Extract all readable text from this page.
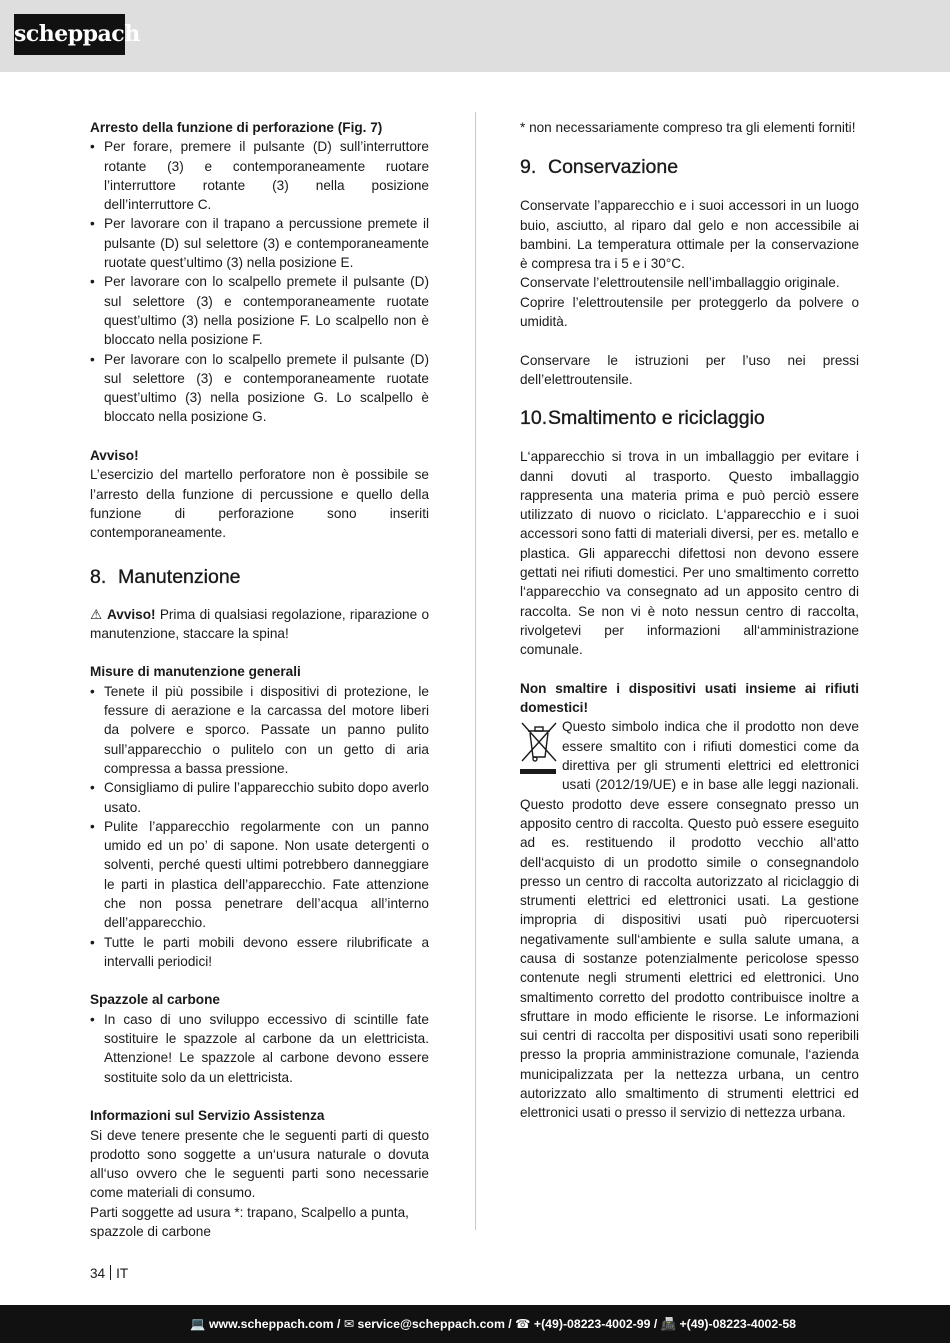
scheppach

Arresto della funzione di perforazione (Fig. 7)

• Per forare, premere il pulsante (D) sull’interruttore rotante (3) e contemporaneamente ruotare l’interruttore rotante (3) nella posizione dell’interruttore C.
• Per lavorare con il trapano a percussione premete il pulsante (D) sul selettore (3) e contemporaneamente ruotate quest’ultimo (3) nella posizione E.
• Per lavorare con lo scalpello premete il pulsante (D) sul selettore (3) e contemporaneamente ruotate quest’ultimo (3) nella posizione F. Lo scalpello non è bloccato nella posizione F.
• Per lavorare con lo scalpello premete il pulsante (D) sul selettore (3) e contemporaneamente ruotate quest’ultimo (3) nella posizione G. Lo scalpello è bloccato nella posizione G.

Avviso!

L’esercizio del martello perforatore non è possibile se l’arresto della funzione di percussione e quello della funzione di perforazione sono inseriti contemporaneamente.

8. Manutenzione

⚠ Avviso! Prima di qualsiasi regolazione, riparazione o manutenzione, staccare la spina!

Misure di manutenzione generali

• Tenete il più possibile i dispositivi di protezione, le fessure di aerazione e la carcassa del motore liberi da polvere e sporco. Passate un panno pulito sull’apparecchio o pulitelo con un getto di aria compressa a bassa pressione.
• Consigliamo di pulire l’apparecchio subito dopo averlo usato.
• Pulite l’apparecchio regolarmente con un panno umido ed un po’ di sapone. Non usate detergenti o solventi, perché questi ultimi potrebbero danneggiare le parti in plastica dell’apparecchio. Fate attenzione che non possa penetrare dell’acqua all’interno dell’apparecchio.
• Tutte le parti mobili devono essere rilubrificate a intervalli periodici!

Spazzole al carbone

• In caso di uno sviluppo eccessivo di scintille fate sostituire le spazzole al carbone da un elettricista. Attenzione! Le spazzole al carbone devono essere sostituite solo da un elettricista.

Informazioni sul Servizio Assistenza

Si deve tenere presente che le seguenti parti di questo prodotto sono soggette a un‘usura naturale o dovuta all‘uso ovvero che le seguenti parti sono necessarie come materiali di consumo.

Parti soggette ad usura *: trapano, Scalpello a punta, spazzole di carbone

* non necessariamente compreso tra gli elementi forniti!

9. Conservazione

Conservate l’apparecchio e i suoi accessori in un luogo buio, asciutto, al riparo dal gelo e non accessibile ai bambini. La temperatura ottimale per la conservazione è compresa tra i 5 e i 30°C.

Conservate l’elettroutensile nell’imballaggio originale.

Coprire l’elettroutensile per proteggerlo da polvere o umidità.

Conservare le istruzioni per l’uso nei pressi dell’elettroutensile.

10.Smaltimento e riciclaggio

L‘apparecchio si trova in un imballaggio per evitare i danni dovuti al trasporto. Questo imballaggio rappresenta una materia prima e può perciò essere utilizzato di nuovo o riciclato. L‘apparecchio e i suoi accessori sono fatti di materiali diversi, per es. metallo e plastica. Gli apparecchi difettosi non devono essere gettati nei rifiuti domestici. Per uno smaltimento corretto l‘apparecchio va consegnato ad un apposito centro di raccolta. Se non vi è noto nessun centro di raccolta, rivolgetevi per informazioni all‘amministrazione comunale.

Non smaltire i dispositivi usati insieme ai rifiuti domestici!

Questo simbolo indica che il prodotto non deve essere smaltito con i rifiuti domestici come da direttiva per gli strumenti elettrici ed elettronici usati (2012/19/UE) e in base alle leggi nazionali. Questo prodotto deve essere consegnato presso un apposito centro di raccolta. Questo può essere eseguito ad es. restituendo il prodotto vecchio all‘atto dell‘acquisto di un prodotto simile o consegnandolo presso un centro di raccolta autorizzato al riciclaggio di strumenti elettrici ed elettronici usati. La gestione impropria di dispositivi usati può ripercuotersi negativamente sull‘ambiente e sulla salute umana, a causa di sostanze potenzialmente pericolose spesso contenute negli strumenti elettrici ed elettronici. Uno smaltimento corretto del prodotto contribuisce inoltre a sfruttare in modo efficiente le risorse. Le informazioni sui centri di raccolta per dispositivi usati sono reperibili presso la propria amministrazione comunale, l‘azienda municipalizzata per la nettezza urbana, un centro autorizzato allo smaltimento di strumenti elettrici ed elettronici usati o presso il servizio di nettezza urbana.

34 IT
💻 www.scheppach.com / ✉ service@scheppach.com / ☎ +(49)-08223-4002-99 / 📠 +(49)-08223-4002-58
